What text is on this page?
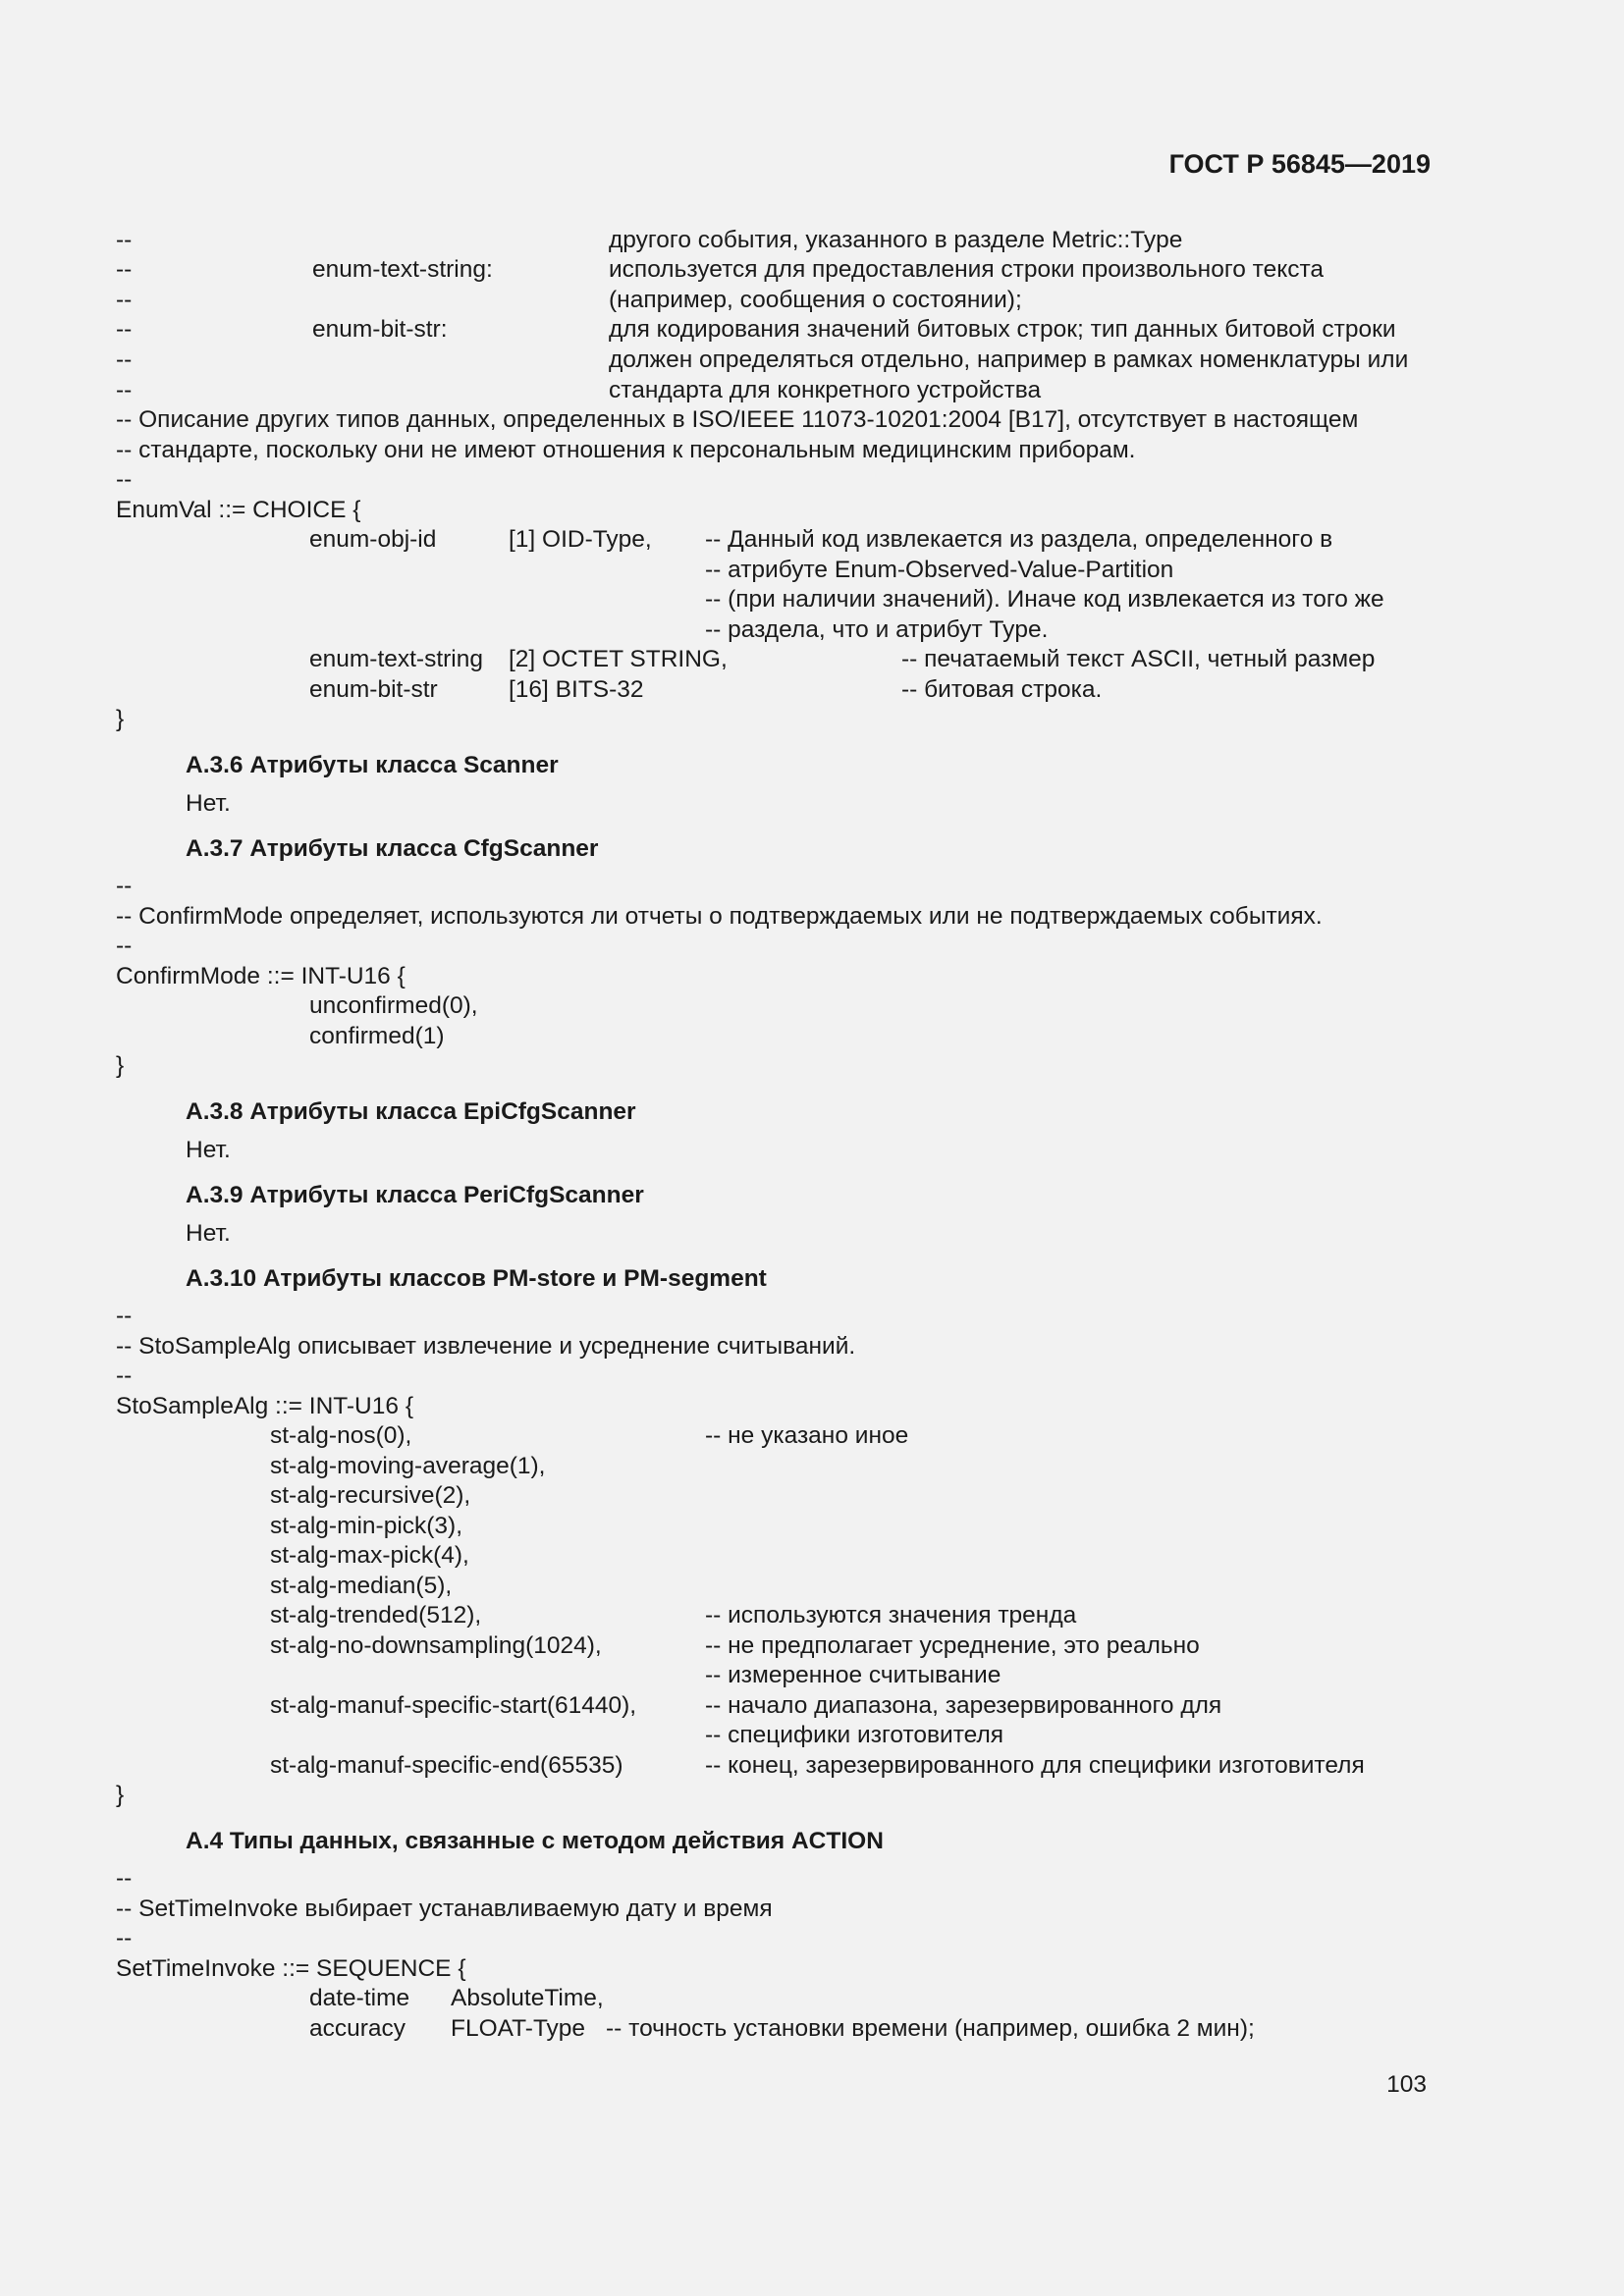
ГОСТ Р 56845—2019
--	другого события, указанного в разделе Metric::Type
--	enum-text-string:	используется для предоставления строки произвольного текста
--	(например, сообщения о состоянии);
--	enum-bit-str:	для кодирования значений битовых строк; тип данных битовой строки
--	должен определяться отдельно, например в рамках номенклатуры или
--	стандарта для конкретного устройства
-- Описание других типов данных, определенных в ISO/IEEE 11073-10201:2004 [B17], отсутствует в настоящем
-- стандарте, поскольку они не имеют отношения к персональным медицинским приборам.
--
EnumVal ::= CHOICE {
enum-obj-id	[1] OID-Type, -- Данный код извлекается из раздела, определенного в
-- атрибуте Enum-Observed-Value-Partition
-- (при наличии значений). Иначе код извлекается из того же
-- раздела, что и атрибут Type.
enum-text-string [2] OCTET STRING,	-- печатаемый текст ASCII, четный размер
enum-bit-str	[16] BITS-32	-- битовая строка.
}
А.3.6 Атрибуты класса Scanner
Нет.
А.3.7 Атрибуты класса CfgScanner
--
-- ConfirmMode определяет, используются ли отчеты о подтверждаемых или не подтверждаемых событиях.
--
ConfirmMode ::= INT-U16 {
unconfirmed(0),
confirmed(1)
}
А.3.8 Атрибуты класса EpiCfgScanner
Нет.
А.3.9 Атрибуты класса PeriCfgScanner
Нет.
А.3.10 Атрибуты классов PM-store и PM-segment
--
-- StoSampleAlg описывает извлечение и усреднение считываний.
--
StoSampleAlg ::= INT-U16 {
st-alg-nos(0),	-- не указано иное
st-alg-moving-average(1),
st-alg-recursive(2),
st-alg-min-pick(3),
st-alg-max-pick(4),
st-alg-median(5),
st-alg-trended(512),	-- используются значения тренда
st-alg-no-downsampling(1024),	-- не предполагает усреднение, это реально
-- измеренное считывание
st-alg-manuf-specific-start(61440),	-- начало диапазона, зарезервированного для
-- специфики изготовителя
st-alg-manuf-specific-end(65535)	-- конец, зарезервированного для специфики изготовителя
}
А.4 Типы данных, связанные с методом действия ACTION
--
-- SetTimeInvoke выбирает устанавливаемую дату и время
--
SetTimeInvoke ::= SEQUENCE {
date-time AbsoluteTime,
accuracy FLOAT-Type -- точность установки времени (например, ошибка 2 мин);
103
